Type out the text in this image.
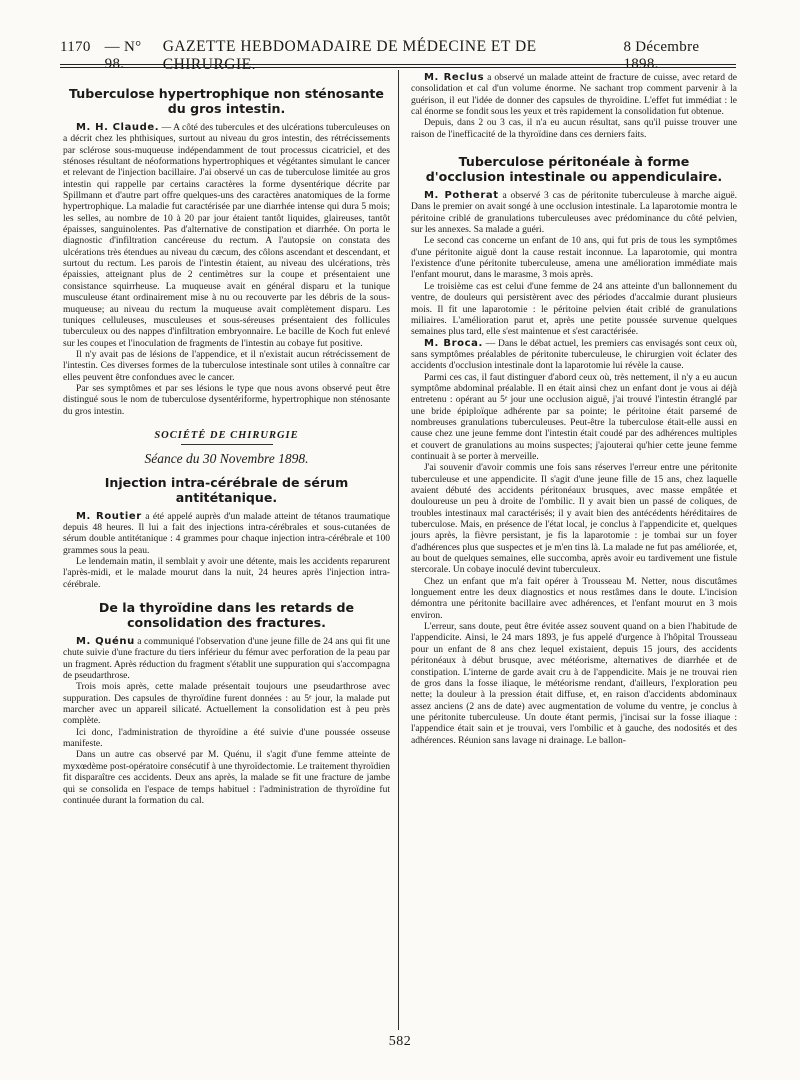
1170 — N° 98.
GAZETTE HEBDOMADAIRE DE MÉDECINE ET DE CHIRURGIE.
8 Décembre 1898.
Tuberculose hypertrophique non sténosante du gros intestin.

M. H. Claude. — A côté des tubercules et des ulcérations tuberculeuses on a décrit chez les phthisiques, surtout au niveau du gros intestin, des rétrécissements par sclérose sous-muqueuse indépendamment de tout processus cicatriciel, et des sténoses résultant de néoformations hypertrophiques et végétantes simulant le cancer et relevant de l'injection bacillaire. J'ai observé un cas de tuberculose limitée au gros intestin qui rappelle par certains caractères la forme dysentérique décrite par Spillmann et d'autre part offre quelques-uns des caractères anatomiques de la forme hypertrophique. La maladie fut caractérisée par une diarrhée intense qui dura 5 mois; les selles, au nombre de 10 à 20 par jour étaient tantôt liquides, glaireuses, tantôt épaisses, sanguinolentes. Pas d'alternative de constipation et diarrhée. On porta le diagnostic d'infiltration cancéreuse du rectum. A l'autopsie on constata des ulcérations très étendues au niveau du cæcum, des côlons ascendant et descendant, et surtout du rectum. Les parois de l'intestin étaient, au niveau des ulcérations, très épaissies, atteignant plus de 2 centimètres sur la coupe et présentaient une consistance squirrheuse. La muqueuse avait en général disparu et la tunique musculeuse étant ordinairement mise à nu ou recouverte par les débris de la sous-muqueuse; au niveau du rectum la muqueuse avait complètement disparu. Les tuniques celluleuses, musculeuses et sous-séreuses présentaient des follicules tuberculeux ou des nappes d'infiltration embryonnaire. Le bacille de Koch fut enlevé sur les coupes et l'inoculation de fragments de l'intestin au cobaye fut positive.

Il n'y avait pas de lésions de l'appendice, et il n'existait aucun rétrécissement de l'intestin. Ces diverses formes de la tuberculose intestinale sont utiles à connaître car elles peuvent être confondues avec le cancer.

Par ses symptômes et par ses lésions le type que nous avons observé peut être distingué sous le nom de tuberculose dysentériforme, hypertrophique non sténosante du gros intestin.

SOCIÉTÉ DE CHIRURGIE
Séance du 30 Novembre 1898.
Injection intra-cérébrale de sérum antitétanique.

M. Routier a été appelé auprès d'un malade atteint de tétanos traumatique depuis 48 heures. Il lui a fait des injections intra-cérébrales et sous-cutanées de sérum double antitétanique : 4 grammes pour chaque injection intra-cérébrale et 100 grammes sous la peau.

Le lendemain matin, il semblait y avoir une détente, mais les accidents reparurent l'après-midi, et le malade mourut dans la nuit, 24 heures après l'injection intra-cérébrale.

De la thyroïdine dans les retards de consolidation des fractures.

M. Quénu a communiqué l'observation d'une jeune fille de 24 ans qui fit une chute suivie d'une fracture du tiers inférieur du fémur avec perforation de la peau par un fragment. Après réduction du fragment s'établit une suppuration qui s'accompagna de pseudarthrose.

Trois mois après, cette malade présentait toujours une pseudarthrose avec suppuration. Des capsules de thyroïdine furent données : au 5ᵉ jour, la malade put marcher avec un appareil silicaté. Actuellement la consolidation est à peu près complète.

Ici donc, l'administration de thyroïdine a été suivie d'une poussée osseuse manifeste.

Dans un autre cas observé par M. Quénu, il s'agit d'une femme atteinte de myxœdème post-opératoire consécutif à une thyroïdectomie. Le traitement thyroïdien fit disparaître ces accidents. Deux ans après, la malade se fit une fracture de jambe qui se consolida en l'espace de temps habituel : l'administration de thyroïdine fut continuée durant la formation du cal.

M. Reclus a observé un malade atteint de fracture de cuisse, avec retard de consolidation et cal d'un volume énorme. Ne sachant trop comment parvenir à la guérison, il eut l'idée de donner des capsules de thyroïdine. L'effet fut immédiat : le cal énorme se fondit sous les yeux et très rapidement la consolidation fut obtenue.

Depuis, dans 2 ou 3 cas, il n'a eu aucun résultat, sans qu'il puisse trouver une raison de l'inefficacité de la thyroïdine dans ces derniers faits.

Tuberculose péritonéale à forme d'occlusion intestinale ou appendiculaire.

M. Potherat a observé 3 cas de péritonite tuberculeuse à marche aiguë. Dans le premier on avait songé à une occlusion intestinale. La laparotomie montra le péritoine criblé de granulations tuberculeuses avec prédominance du côté pelvien, sur les annexes. Sa malade a guéri.

Le second cas concerne un enfant de 10 ans, qui fut pris de tous les symptômes d'une péritonite aiguë dont la cause restait inconnue. La laparotomie, qui montra l'existence d'une péritonite tuberculeuse, amena une amélioration immédiate mais l'enfant mourut, dans le marasme, 3 mois après.

Le troisième cas est celui d'une femme de 24 ans atteinte d'un ballonnement du ventre, de douleurs qui persistèrent avec des périodes d'accalmie durant plusieurs mois. Il fit une laparotomie : le péritoine pelvien était criblé de granulations miliaires. L'amélioration parut et, après une petite poussée survenue quelques semaines plus tard, elle s'est maintenue et s'est caractérisée.

M. Broca. — Dans le débat actuel, les premiers cas envisagés sont ceux où, sans symptômes préalables de péritonite tuberculeuse, le chirurgien voit éclater des accidents d'occlusion intestinale dont la laparotomie lui révèle la cause.

Parmi ces cas, il faut distinguer d'abord ceux où, très nettement, il n'y a eu aucun symptôme abdominal préalable. Il en était ainsi chez un enfant dont je vous ai déjà entretenu : opérant au 5ᵉ jour une occlusion aiguë, j'ai trouvé l'intestin étranglé par une bride épiploïque adhérente par sa pointe; le péritoine était parsemé de nombreuses granulations tuberculeuses. Peut-être la tuberculose était-elle aussi en cause chez une jeune femme dont l'intestin était coudé par des adhérences multiples et couvert de granulations au moins suspectes; j'ajouterai qu'hier cette jeune femme continuait à se porter à merveille.

J'ai souvenir d'avoir commis une fois sans réserves l'erreur entre une péritonite tuberculeuse et une appendicite. Il s'agit d'une jeune fille de 15 ans, chez laquelle avaient débuté des accidents péritonéaux brusques, avec masse empâtée et douloureuse un peu à droite de l'ombilic. Il y avait bien un passé de coliques, de troubles intestinaux mal caractérisés; il y avait bien des antécédents héréditaires de tuberculose. Mais, en présence de l'état local, je conclus à l'appendicite et, quelques jours après, la fièvre persistant, je fis la laparotomie : je tombai sur un foyer d'adhérences plus que suspectes et je m'en tins là. La malade ne fut pas améliorée, et, au bout de quelques semaines, elle succomba, après avoir eu tardivement une fistule stercorale. Un cobaye inoculé devint tuberculeux.

Chez un enfant que m'a fait opérer à Trousseau M. Netter, nous discutâmes longuement entre les deux diagnostics et nous restâmes dans le doute. L'incision démontra une péritonite bacillaire avec adhérences, et l'enfant mourut en 3 mois environ.

L'erreur, sans doute, peut être évitée assez souvent quand on a bien l'habitude de l'appendicite. Ainsi, le 24 mars 1893, je fus appelé d'urgence à l'hôpital Trousseau pour un enfant de 8 ans chez lequel existaient, depuis 15 jours, des accidents péritonéaux à début brusque, avec météorisme, alternatives de diarrhée et de constipation. L'interne de garde avait cru à de l'appendicite. Mais je ne trouvai rien de gros dans la fosse iliaque, le météorisme rendant, d'ailleurs, l'exploration peu nette; la douleur à la pression était diffuse, et, en raison d'accidents abdominaux assez anciens (2 ans de date) avec augmentation de volume du ventre, je conclus à une péritonite tuberculeuse. Un doute étant permis, j'incisai sur la fosse iliaque : l'appendice était sain et je trouvai, vers l'ombilic et à gauche, des nodosités et des adhérences. Réunion sans lavage ni drainage. Le ballon-

582
